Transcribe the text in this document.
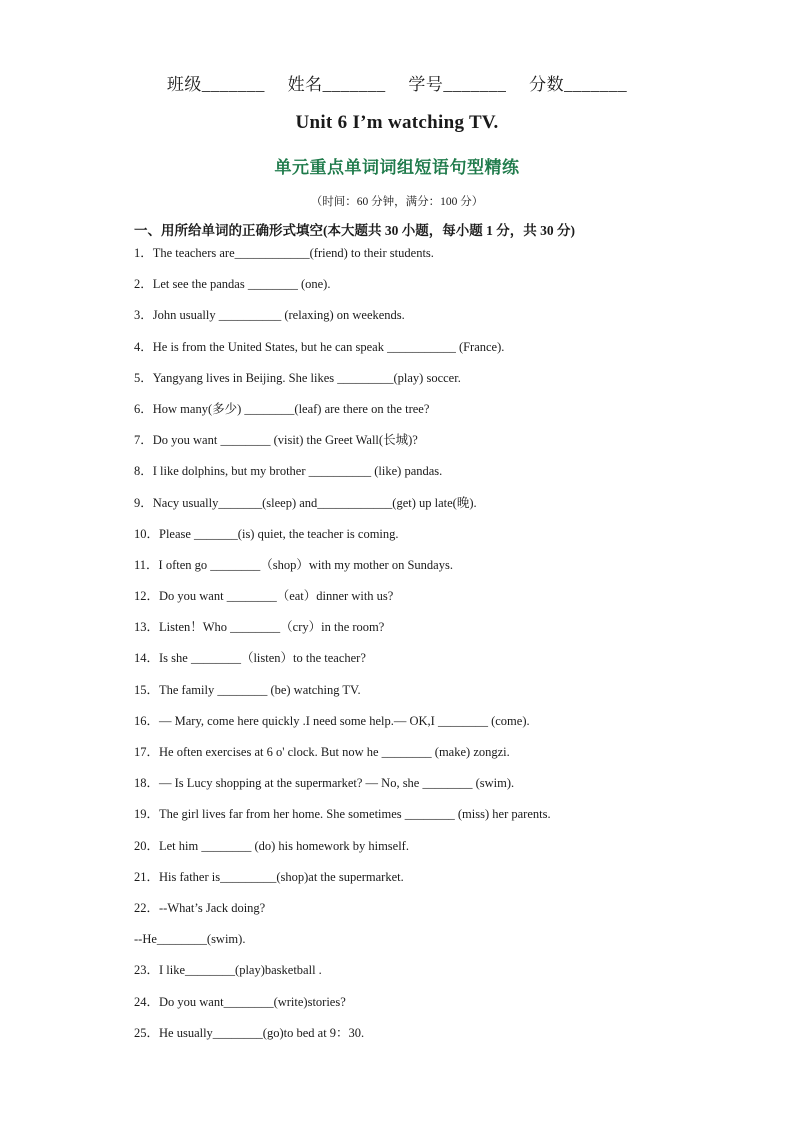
班级_______ 姓名_______ 学号_______ 分数_______
Unit 6 I’m watching TV.
单元重点单词词组短语句型精练
（时间：60 分钟，满分：100 分）
一、用所给单词的正确形式填空(本大题共 30 小题，每小题 1 分，共 30 分)
1．The teachers are____________(friend) to their students.
2．Let see the pandas ________ (one).
3．John usually __________ (relaxing) on weekends.
4．He is from the United States, but he can speak ___________ (France).
5．Yangyang lives in Beijing. She likes _________(play) soccer.
6．How many(多少) ________(leaf) are there on the tree?
7．Do you want ________ (visit) the Greet Wall(长城)?
8．I like dolphins, but my brother __________ (like) pandas.
9．Nacy usually_______(sleep) and____________(get) up late(晚).
10．Please _______(is) quiet, the teacher is coming.
11．I often go ________（shop）with my mother on Sundays.
12．Do you want ________（eat）dinner with us?
13．Listen！Who ________（cry）in the room?
14．Is she ________（listen）to the teacher?
15．The family ________ (be) watching TV.
16．— Mary, come here quickly .I need some help.— OK,I ________ (come).
17．He often exercises at 6 o' clock. But now he ________ (make) zongzi.
18．— Is Lucy shopping at the supermarket? — No, she ________ (swim).
19．The girl lives far from her home. She sometimes ________ (miss) her parents.
20．Let him ________ (do) his homework by himself.
21．His father is_________(shop)at the supermarket.
22．--What’s Jack doing?
--He________(swim).
23．I like________(play)basketball .
24．Do you want________(write)stories?
25．He usually________(go)to bed at 9：30.
